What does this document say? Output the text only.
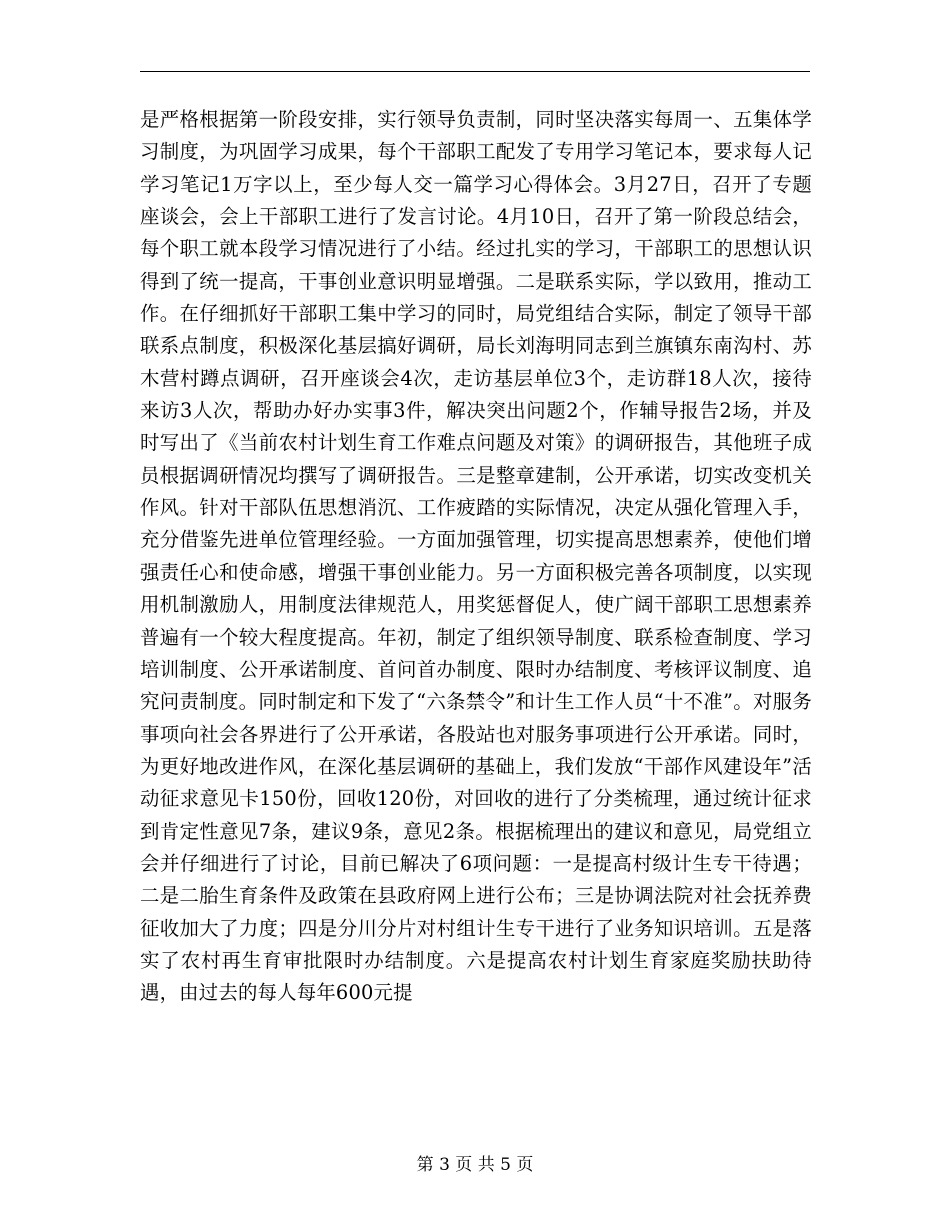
是严格根据第一阶段安排，实行领导负责制，同时坚决落实每周一、五集体学习制度，为巩固学习成果，每个干部职工配发了专用学习笔记本，要求每人记学习笔记1万字以上，至少每人交一篇学习心得体会。3月27日，召开了专题座谈会，会上干部职工进行了发言讨论。4月10日，召开了第一阶段总结会，每个职工就本段学习情况进行了小结。经过扎实的学习，干部职工的思想认识得到了统一提高，干事创业意识明显增强。二是联系实际，学以致用，推动工作。在仔细抓好干部职工集中学习的同时，局党组结合实际，制定了领导干部联系点制度，积极深化基层搞好调研，局长刘海明同志到兰旗镇东南沟村、苏木营村蹲点调研，召开座谈会4次，走访基层单位3个，走访群18人次，接待来访3人次，帮助办好办实事3件，解决突出问题2个，作辅导报告2场，并及时写出了《当前农村计划生育工作难点问题及对策》的调研报告，其他班子成员根据调研情况均撰写了调研报告。三是整章建制，公开承诺，切实改变机关作风。针对干部队伍思想消沉、工作疲踏的实际情况，决定从强化管理入手，充分借鉴先进单位管理经验。一方面加强管理，切实提高思想素养，使他们增强责任心和使命感，增强干事创业能力。另一方面积极完善各项制度，以实现用机制激励人，用制度法律规范人，用奖惩督促人，使广阔干部职工思想素养普遍有一个较大程度提高。年初，制定了组织领导制度、联系检查制度、学习培训制度、公开承诺制度、首问首办制度、限时办结制度、考核评议制度、追究问责制度。同时制定和下发了“六条禁令”和计生工作人员“十不准”。对服务事项向社会各界进行了公开承诺，各股站也对服务事项进行公开承诺。同时，为更好地改进作风，在深化基层调研的基础上，我们发放“干部作风建设年”活动征求意见卡150份，回收120份，对回收的进行了分类梳理，通过统计征求到肯定性意见7条，建议9条，意见2条。根据梳理出的建议和意见，局党组立会并仔细进行了讨论，目前已解决了6项问题：一是提高村级计生专干待遇；二是二胎生育条件及政策在县政府网上进行公布；三是协调法院对社会抚养费征收加大了力度；四是分川分片对村组计生专干进行了业务知识培训。五是落实了农村再生育审批限时办结制度。六是提高农村计划生育家庭奖励扶助待遇，由过去的每人每年600元提

第 3 页 共 5 页
